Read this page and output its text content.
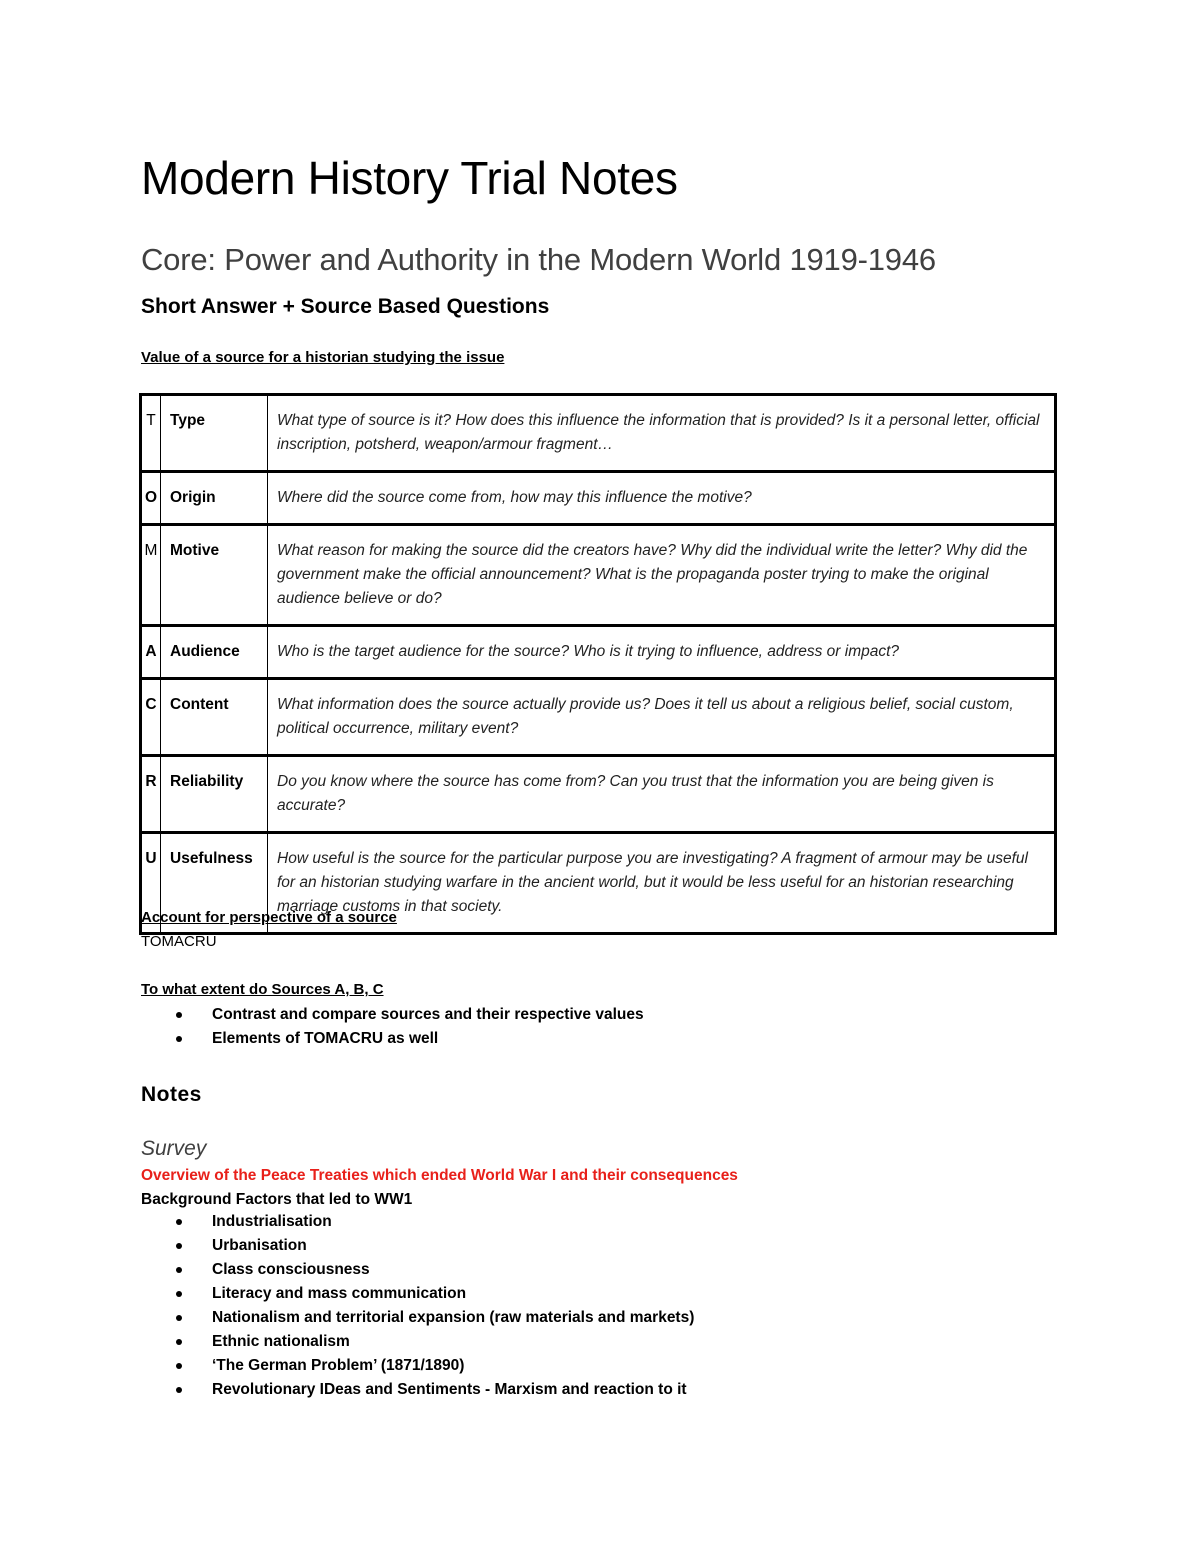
Modern History Trial Notes
Core: Power and Authority in the Modern World 1919-1946
Short Answer + Source Based Questions
Value of a source for a historian studying the issue
T	Type	What type of source is it? How does this influence the information that is provided? Is it a personal letter, official inscription, potsherd, weapon/armour fragment…
O	Origin	Where did the source come from, how may this influence the motive?
M	Motive	What reason for making the source did the creators have? Why did the individual write the letter? Why did the government make the official announcement? What is the propaganda poster trying to make the original audience believe or do?
A	Audience	Who is the target audience for the source? Who is it trying to influence, address or impact?
C	Content	What information does the source actually provide us? Does it tell us about a religious belief, social custom, political occurrence, military event?
R	Reliability	Do you know where the source has come from? Can you trust that the information you are being given is accurate?
U	Usefulness	How useful is the source for the particular purpose you are investigating? A fragment of armour may be useful for an historian studying warfare in the ancient world, but it would be less useful for an historian researching marriage customs in that society.
Account for perspective of a source
TOMACRU
To what extent do Sources A, B, C
Contrast and compare sources and their respective values
Elements of TOMACRU as well
Notes
Survey
Overview of the Peace Treaties which ended World War I and their consequences
Background Factors that led to WW1
Industrialisation
Urbanisation
Class consciousness
Literacy and mass communication
Nationalism and territorial expansion (raw materials and markets)
Ethnic nationalism
‘The German Problem’ (1871/1890)
Revolutionary IDeas and Sentiments - Marxism and reaction to it
